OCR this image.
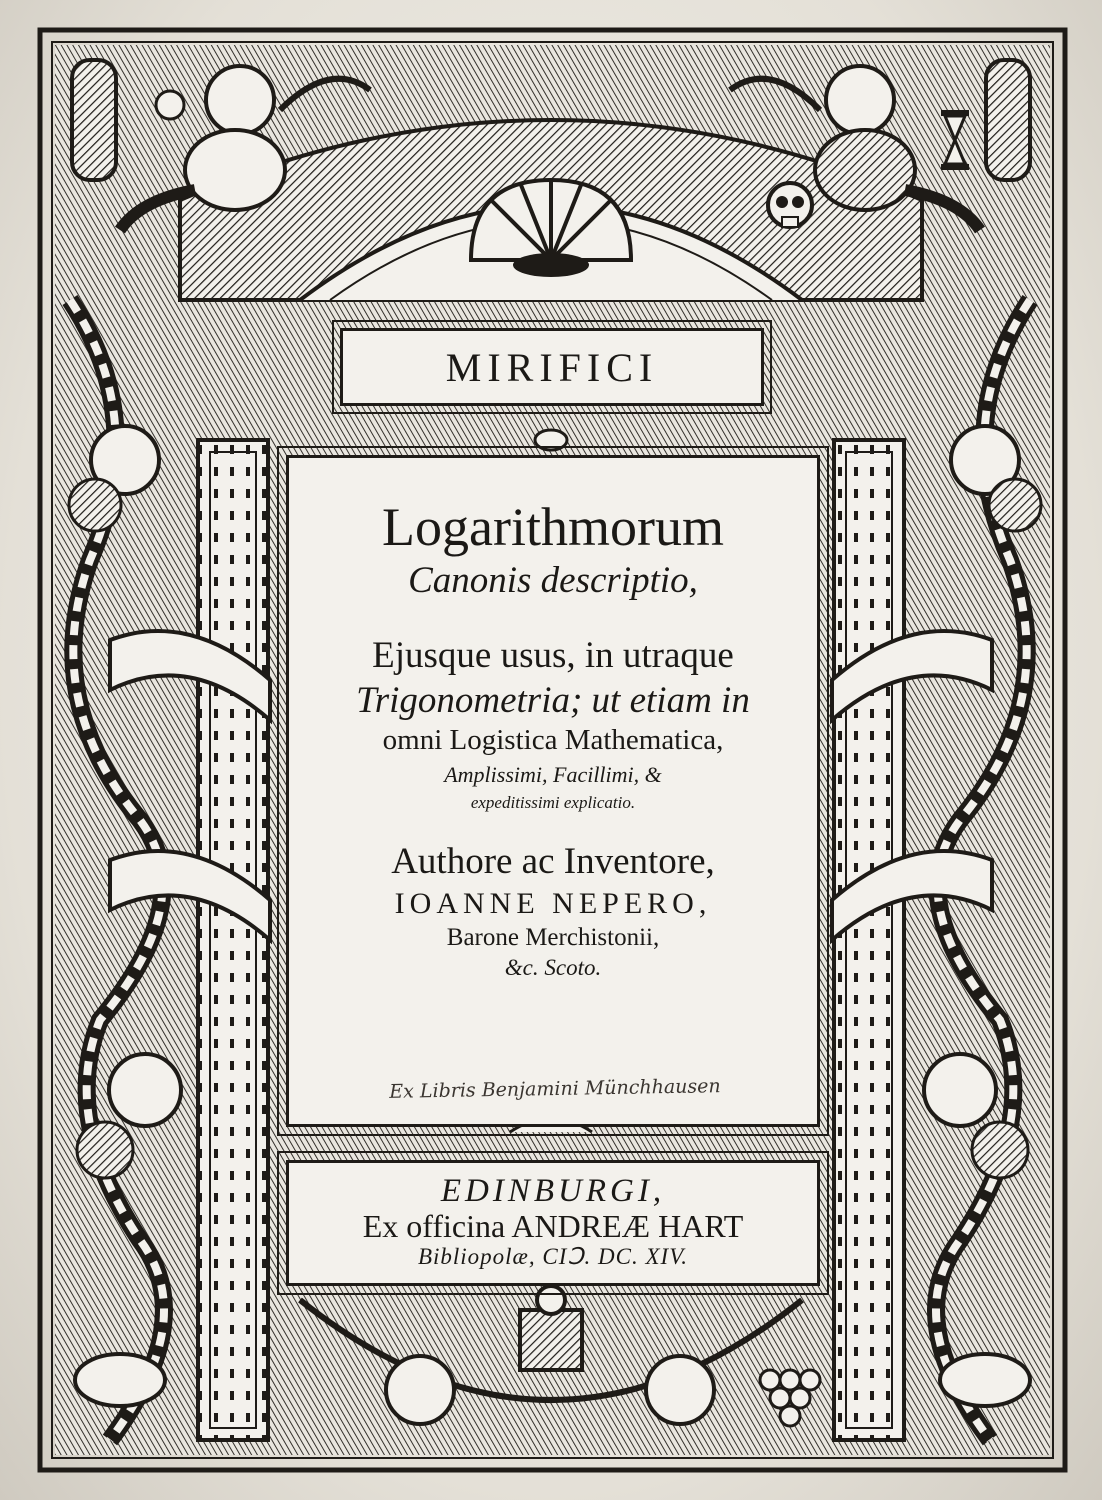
MIRIFICI
Logarithmorum
Canonis descriptio,
Ejusque usus, in utraque
Trigonometria; ut etiam in
omni Logistica Mathematica,
Amplissimi, Facillimi, &
expeditissimi explicatio.
Authore ac Inventore,
IOANNE NEPERO,
Barone Merchistonii,
&c. Scoto.
Ex Libris Benjamini Münchhausen
EDINBURGI,
Ex officina ANDREÆ HART
Bibliopolæ, CIↃ. DC. XIV.
